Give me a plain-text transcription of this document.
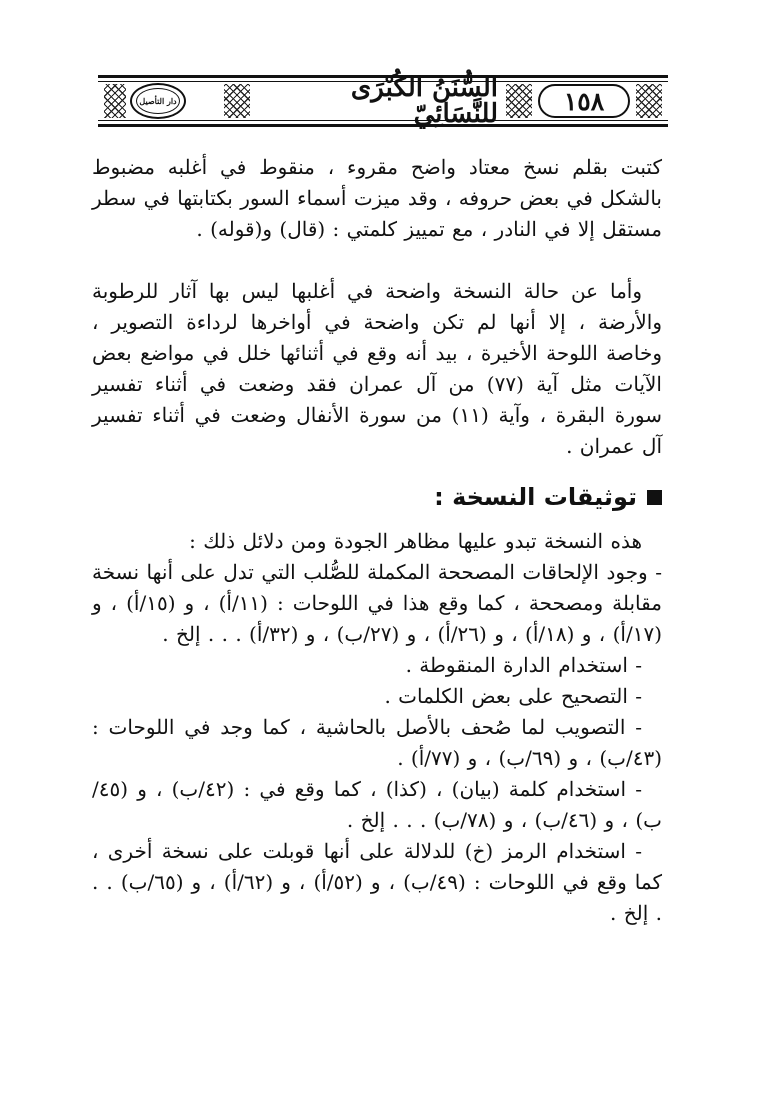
١٥٨
السُّنَنُ الكُبْرَى للنَّسَائِيّ
دار التأصيل

كتبت بقلم نسخ معتاد واضح مقروء ، منقوط في أغلبه مضبوط بالشكل في بعض حروفه ، وقد ميزت أسماء السور بكتابتها في سطر مستقل إلا في النادر ، مع تمييز كلمتي : (قال) و(قوله) .

وأما عن حالة النسخة واضحة في أغلبها ليس بها آثار للرطوبة والأرضة ، إلا أنها لم تكن واضحة في أواخرها لرداءة التصوير ، وخاصة اللوحة الأخيرة ، بيد أنه وقع في أثنائها خلل في مواضع بعض الآيات مثل آية (٧٧) من آل عمران فقد وضعت في أثناء تفسير سورة البقرة ، وآية (١١) من سورة الأنفال وضعت في أثناء تفسير آل عمران .

توثيقات النسخة :

هذه النسخة تبدو عليها مظاهر الجودة ومن دلائل ذلك :

- وجود الإلحاقات المصححة المكملة للصُّلب التي تدل على أنها نسخة مقابلة ومصححة ، كما وقع هذا في اللوحات : (١١/أ) ، و (١٥/أ) ، و (١٧/أ) ، و (١٨/أ) ، و (٢٦/أ) ، و (٢٧/ب) ، و (٣٢/أ) . . . إلخ .

- استخدام الدارة المنقوطة .

- التصحيح على بعض الكلمات .

- التصويب لما صُحف بالأصل بالحاشية ، كما وجد في اللوحات : (٤٣/ب) ، و (٦٩/ب) ، و (٧٧/أ) .

- استخدام كلمة (بيان) ، (كذا) ، كما وقع في : (٤٢/ب) ، و (٤٥/ب) ، و (٤٦/ب) ، و (٧٨/ب) . . . إلخ .

- استخدام الرمز (خ) للدلالة على أنها قوبلت على نسخة أخرى ، كما وقع في اللوحات : (٤٩/ب) ، و (٥٢/أ) ، و (٦٢/أ) ، و (٦٥/ب) . . . إلخ .
